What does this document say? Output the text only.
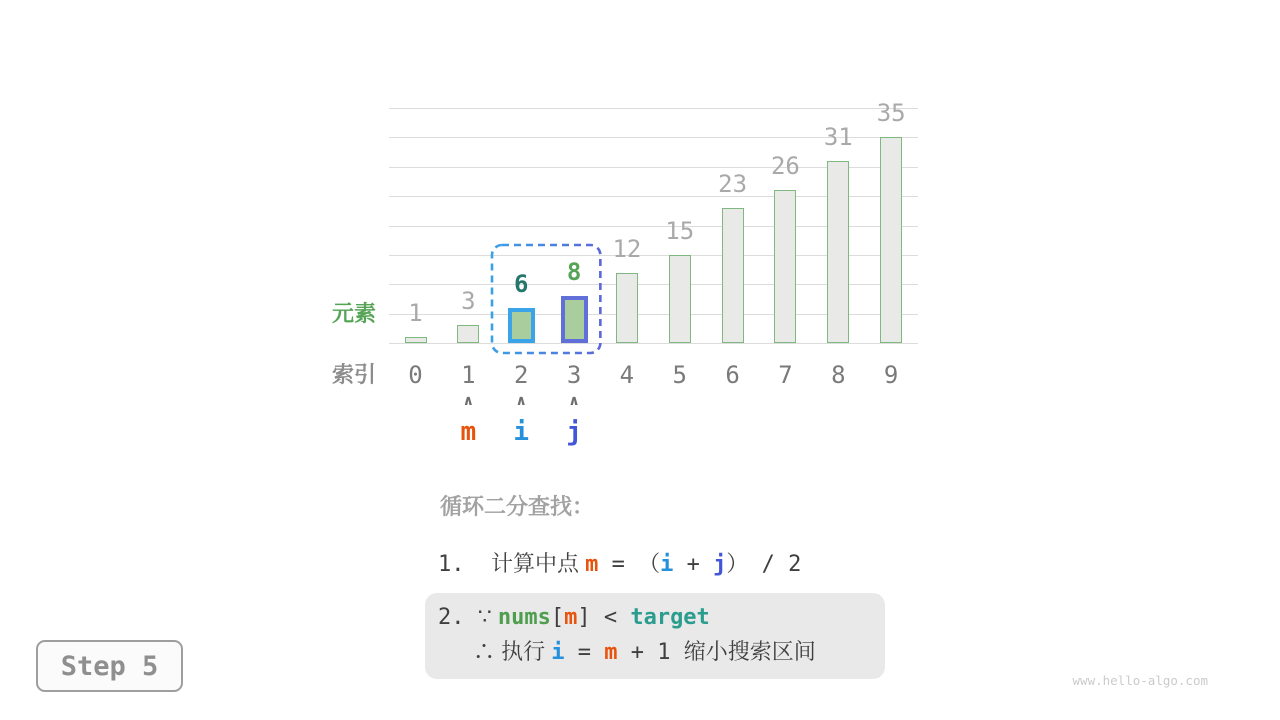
1
0
3
1
6
2
8
3
12
4
15
5
23
6
26
7
31
8
35
9
元素
索引
∧
m
∧
i
∧
j
循环二分查找：
1.  计算中点 m = （i + j） / 2
2. ∵ nums[m] < target
∴ 执行 i = m + 1 缩小搜索区间
Step 5	www.hello-algo.com
